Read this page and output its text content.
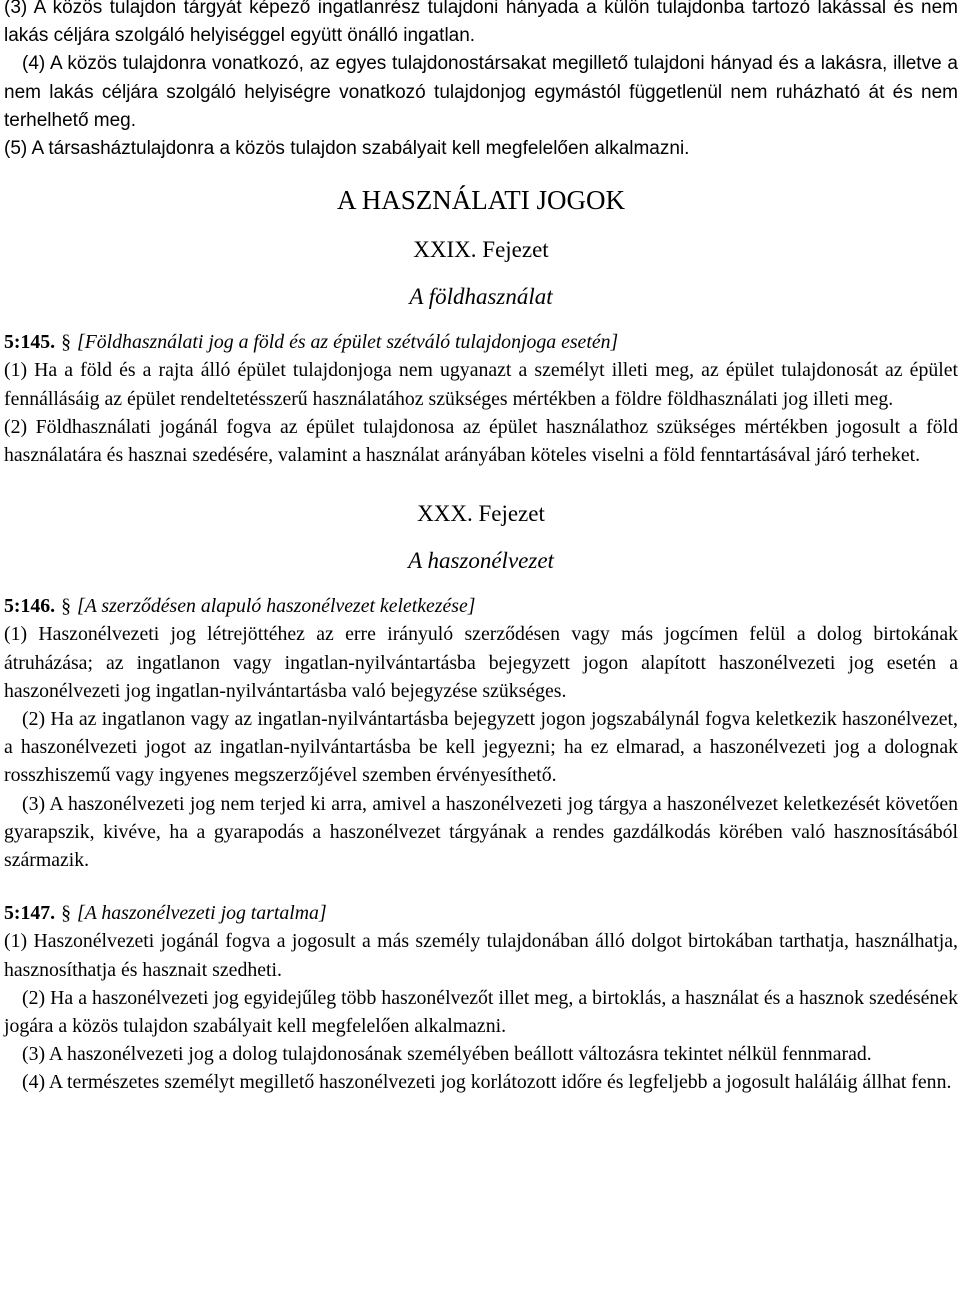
(3) A közös tulajdon tárgyát képező ingatlanrész tulajdoni hányada a külön tulajdonba tartozó lakással és nem lakás céljára szolgáló helyiséggel együtt önálló ingatlan.

(4) A közös tulajdonra vonatkozó, az egyes tulajdonostársakat megillető tulajdoni hányad és a lakásra, illetve a nem lakás céljára szolgáló helyiségre vonatkozó tulajdonjog egymástól függetlenül nem ruházható át és nem terhelhető meg.

(5) A társasháztulajdonra a közös tulajdon szabályait kell megfelelően alkalmazni.

A HASZNÁLATI JOGOK
XXIX. Fejezet
A földhasználat

5:145. § [Földhasználati jog a föld és az épület szétváló tulajdonjoga esetén]

(1) Ha a föld és a rajta álló épület tulajdonjoga nem ugyanazt a személyt illeti meg, az épület tulajdonosát az épület fennállásáig az épület rendeltetésszerű használatához szükséges mértékben a földre földhasználati jog illeti meg.

(2) Földhasználati jogánál fogva az épület tulajdonosa az épület használathoz szükséges mértékben jogosult a föld használatára és hasznai szedésére, valamint a használat arányában köteles viselni a föld fenntartásával járó terheket.

XXX. Fejezet
A haszonélvezet

5:146. § [A szerződésen alapuló haszonélvezet keletkezése]

(1) Haszonélvezeti jog létrejöttéhez az erre irányuló szerződésen vagy más jogcímen felül a dolog birtokának átruházása; az ingatlanon vagy ingatlan-nyilvántartásba bejegyzett jogon alapított haszonélvezeti jog esetén a haszonélvezeti jog ingatlan-nyilvántartásba való bejegyzése szükséges.

(2) Ha az ingatlanon vagy az ingatlan-nyilvántartásba bejegyzett jogon jogszabálynál fogva keletkezik haszonélvezet, a haszonélvezeti jogot az ingatlan-nyilvántartásba be kell jegyezni; ha ez elmarad, a haszonélvezeti jog a dolognak rosszhiszemű vagy ingyenes megszerzőjével szemben érvényesíthető.

(3) A haszonélvezeti jog nem terjed ki arra, amivel a haszonélvezeti jog tárgya a haszonélvezet keletkezését követően gyarapszik, kivéve, ha a gyarapodás a haszonélvezet tárgyának a rendes gazdálkodás körében való hasznosításából származik.

5:147. § [A haszonélvezeti jog tartalma]

(1) Haszonélvezeti jogánál fogva a jogosult a más személy tulajdonában álló dolgot birtokában tarthatja, használhatja, hasznosíthatja és hasznait szedheti.

(2) Ha a haszonélvezeti jog egyidejűleg több haszonélvezőt illet meg, a birtoklás, a használat és a hasznok szedésének jogára a közös tulajdon szabályait kell megfelelően alkalmazni.

(3) A haszonélvezeti jog a dolog tulajdonosának személyében beállott változásra tekintet nélkül fennmarad.

(4) A természetes személyt megillető haszonélvezeti jog korlátozott időre és legfeljebb a jogosult haláláig állhat fenn.
